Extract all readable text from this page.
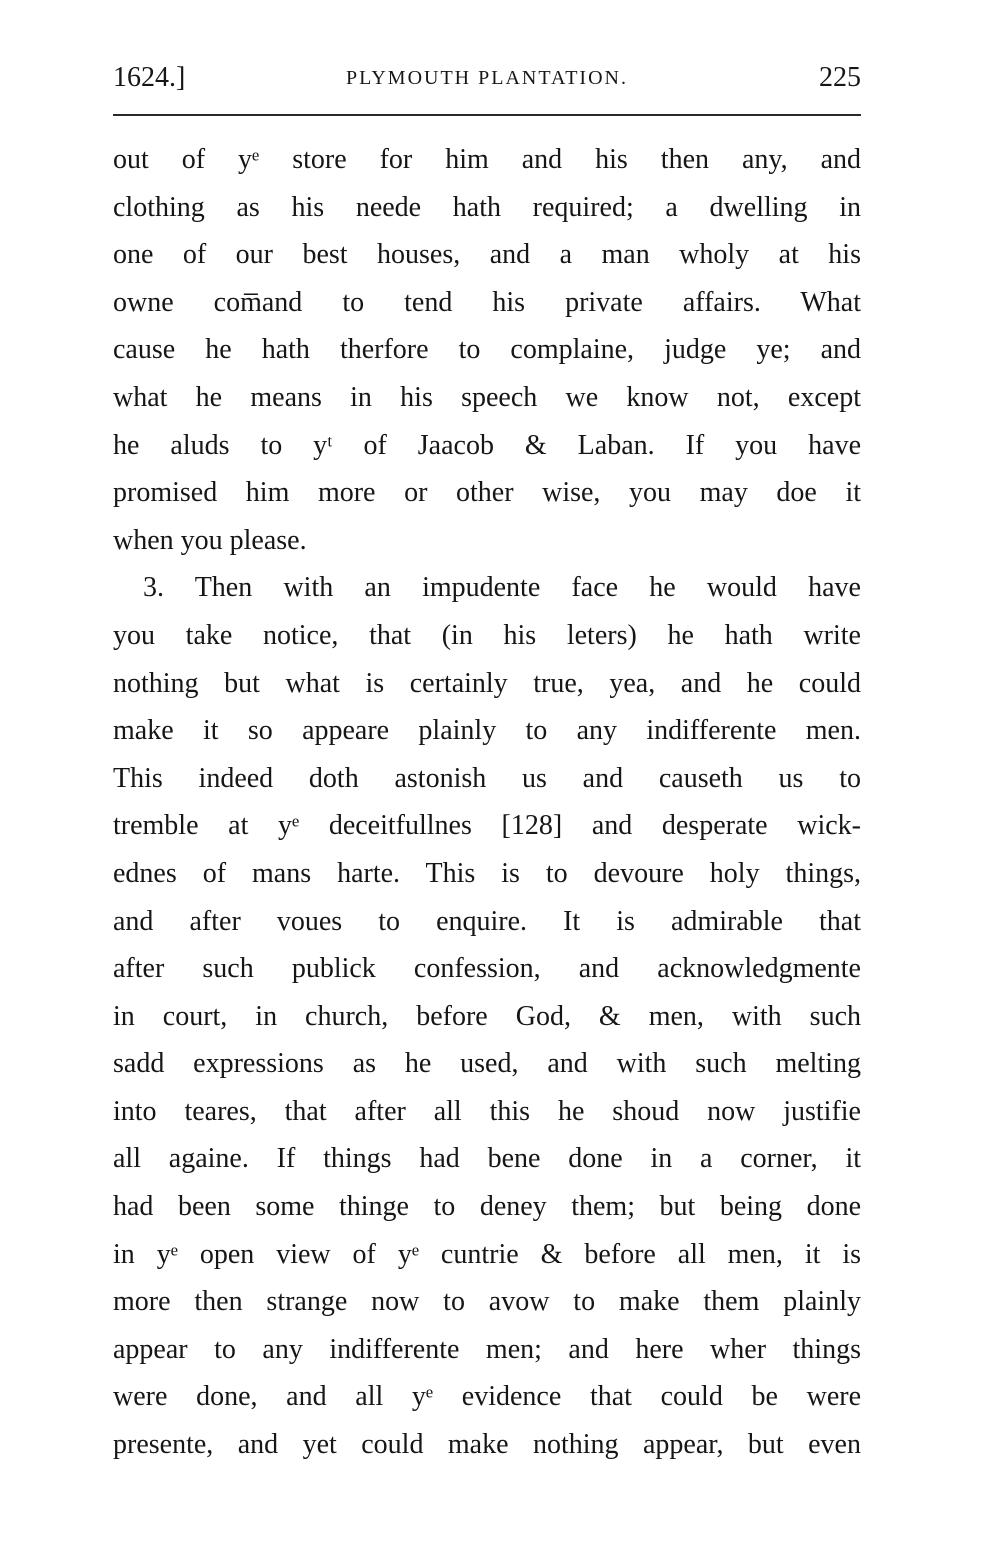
1624.]	PLYMOUTH PLANTATION.	225
out of yᵉ store for him and his then any, and
clothing as his neede hath required; a dwelling in
one of our best houses, and a man wholy at his
owne com̅and to tend his private affairs. What
cause he hath therfore to complaine, judge ye; and
what he means in his speech we know not, except
he aluds to yᵗ of Jaacob & Laban. If you have
promised him more or other wise, you may doe it
when you please.
3. Then with an impudente face he would have
you take notice, that (in his leters) he hath write
nothing but what is certainly true, yea, and he could
make it so appeare plainly to any indifferente men.
This indeed doth astonish us and causeth us to
tremble at yᵉ deceitfullnes [128] and desperate wick-
ednes of mans harte. This is to devoure holy things,
and after voues to enquire. It is admirable that
after such publick confession, and acknowledgmente
in court, in church, before God, & men, with such
sadd expressions as he used, and with such melting
into teares, that after all this he shoud now justifie
all againe. If things had bene done in a corner, it
had been some thinge to deney them; but being done
in yᵉ open view of yᵉ cuntrie & before all men, it is
more then strange now to avow to make them plainly
appear to any indifferente men; and here wher things
were done, and all yᵉ evidence that could be were
presente, and yet could make nothing appear, but even
